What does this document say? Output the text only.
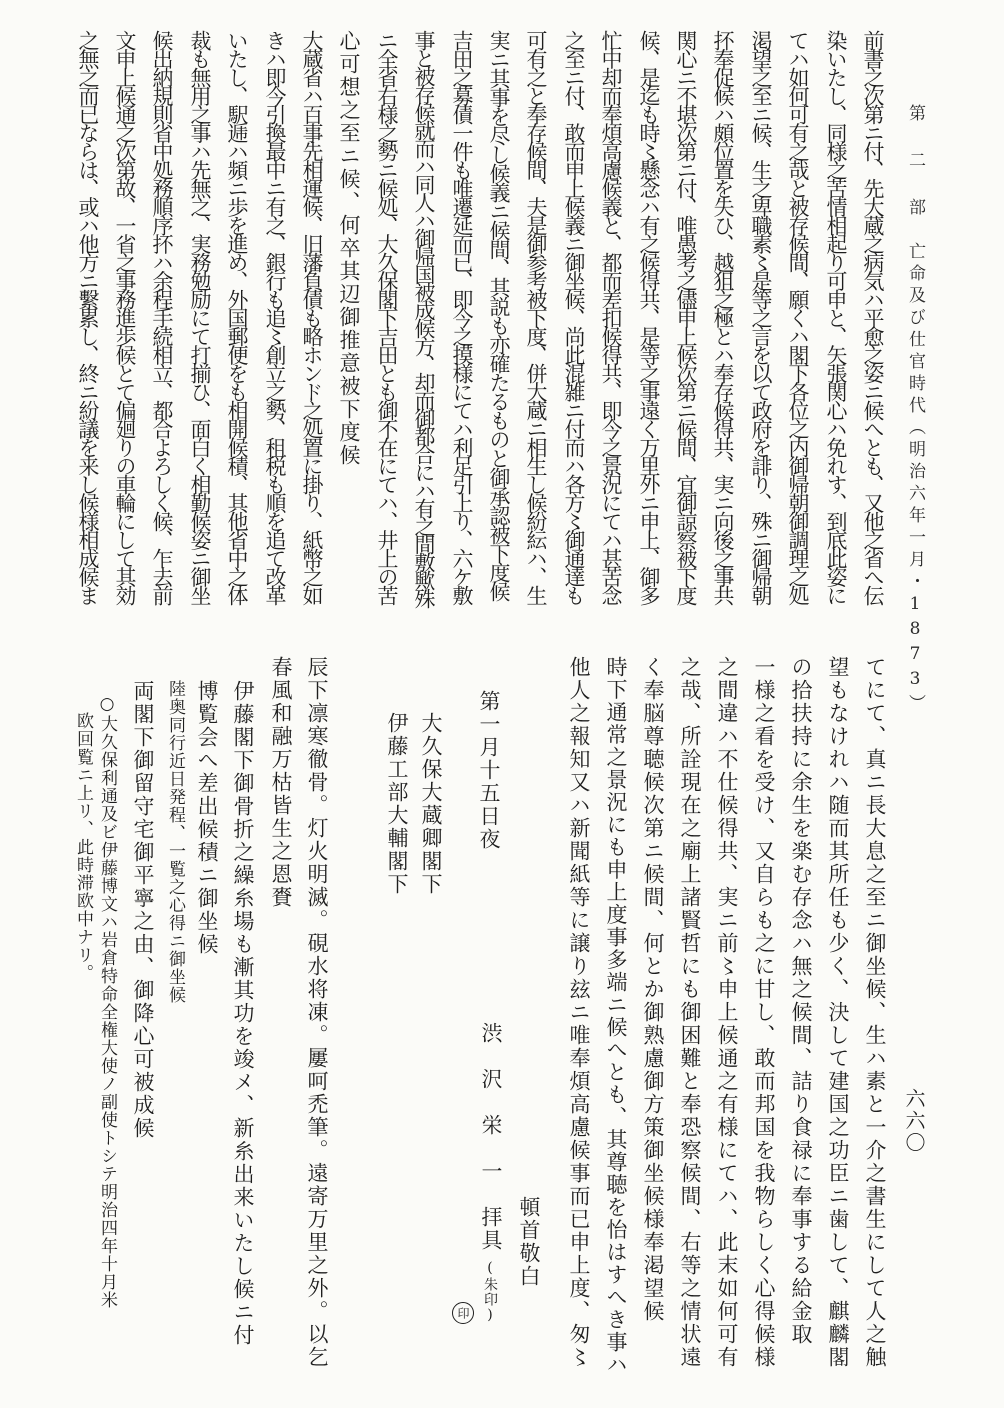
六六〇
第 二 部　亡命及び仕官時代（明治六年一月・1873）
前書之次第ニ付、先大蔵之病気ハ平愈之姿ニ候へとも、又他之省へ伝
染いたし、同様之苦情相起り可申と、矢張関心ハ免れす、到底此姿に
てハ如何可有之哉と被存候間、願くハ閣下各位之内御帰朝御調理之処
渇望之至ニ候、生之卑職素〻是等之言を以て政府を誹り、殊ニ御帰朝
抔奉促候ハ頗位置を失ひ、越狙之極とハ奉存候得共、実ニ向後之事共
関心ニ不堪次第ニ付、唯愚考之儘申上候次第ニ候間、宜御諒察被下度
候、是迄も時〻懸念ハ有之候得共、是等之事遠く万里外ニ申上、御多
忙中却而奉煩高慮候義と、都而差扣候得共、即今之景況にてハ甚苦念
之至ニ付、敢而申上候義ニ御坐候、尚此混雑ニ付而ハ各方〻御通達も
可有之と奉存候間、夫是御参考被下度、併大蔵ニ相生し候紛紜ハ、生
実ニ其事を尽し候義ニ候間、其説も亦確たるものと御承認被下度候
吉田之募債一件も唯遷延而已、即今之摸様にてハ利足引上り、六ケ敷
事と被存候就而ハ同人ハ御帰国被成候方、却而御都合にハ有之間敷歟殊
ニ全省右様之勢ニ候処、大久保閣下吉田とも御不在にてハ、井上の苦
心可想之至ニ候、何卒其辺御推意被下度候
大蔵省ハ百事先相運候、旧藩負債も略ホンド之処置に掛り、紙幣之如
きハ即今引換最中ニ有之、銀行も追〻創立之勢、租税も順を追て改革
いたし、駅逓ハ頻ニ歩を進め、外国郵便をも相開候積、其他省中之体
裁も無用之事ハ先無之、実務勉励にて打揃ひ、面白く相勤候姿ニ御坐
候出納規則省中処務順序抔ハ余程手続相立、都合よろしく候、乍去前
文申上候通之次第故、一省之事務進歩候とて偏廻りの車輪にして其効
之無之而已ならは、或ハ他方ニ繫累し、終ニ紛議を来し候様相成候ま
てにて、真ニ長大息之至ニ御坐候、生ハ素と一介之書生にして人之触
望もなけれハ随而其所任も少く、決して建国之功臣ニ歯して、麒麟閣
の拾扶持に余生を楽む存念ハ無之候間、詰り食禄に奉事する給金取
一様之看を受け、又自らも之に甘し、敢而邦国を我物らしく心得候様
之間違ハ不仕候得共、実ニ前〻申上候通之有様にてハ、此末如何可有
之哉、所詮現在之廟上諸賢哲にも御困難と奉恐察候間、右等之情状遠
く奉脳尊聴候次第ニ候間、何とか御熟慮御方策御坐候様奉渇望候
時下通常之景況にも申上度事多端ニ候へとも、其尊聴を怡はすへき事ハ
他人之報知又ハ新聞紙等に譲り玆ニ唯奉煩高慮候事而已申上度、匆〻
頓首敬白
渋　沢　栄　一　拝具
(朱印)
印
第一月十五日夜
大久保大蔵卿閣下
伊藤工部大輔閣下
辰下凛寒徹骨。灯火明滅。硯水将凍。屢呵禿筆。遠寄万里之外。以乞
春風和融万枯皆生之恩賚
伊藤閣下御骨折之繰糸場も漸其功を竣メ、新糸出来いたし候ニ付
博覧会へ差出候積ニ御坐候
陸奥同行近日発程、一覧之心得ニ御坐候
両閣下御留守宅御平寧之由、御降心可被成候
○大久保利通及ビ伊藤博文ハ岩倉特命全権大使ノ副使トシテ明治四年十月米
欧回覧ニ上リ、此時滞欧中ナリ。
